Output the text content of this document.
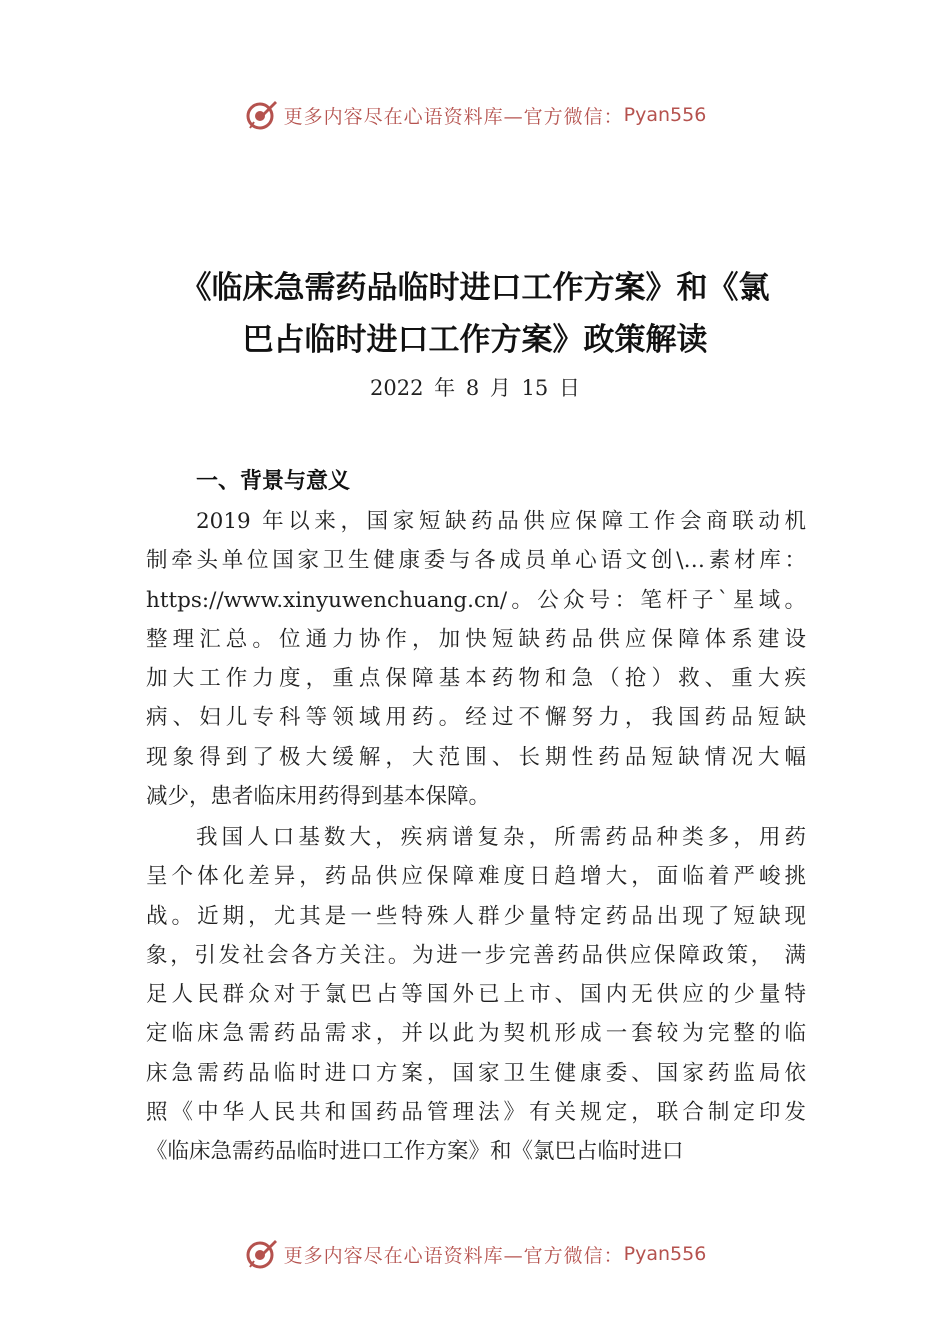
更多内容尽在心语资料库—官方微信： Pyan556
《临床急需药品临时进口工作方案》和《氯
巴占临时进口工作方案》政策解读
2022 年 8 月 15 日
一、背景与意义
2019 年以来，国家短缺药品供应保障工作会商联动机
制牵头单位国家卫生健康委与各成员单心语文创\…素材库：
https://www.xinyuwenchuang.cn/。公众号：笔杆子`星域。
整理汇总。位通力协作，加快短缺药品供应保障体系建设
加大工作力度，重点保障基本药物和急（抢）救、重大疾
病、妇儿专科等领域用药。经过不懈努力，我国药品短缺
现象得到了极大缓解，大范围、长期性药品短缺情况大幅
减少，患者临床用药得到基本保障。
我国人口基数大，疾病谱复杂，所需药品种类多，用药
呈个体化差异，药品供应保障难度日趋增大，面临着严峻挑
战。近期，尤其是一些特殊人群少量特定药品出现了短缺现
象，引发社会各方关注。为进一步完善药品供应保障政策， 满
足人民群众对于氯巴占等国外已上市、国内无供应的少量特
定临床急需药品需求，并以此为契机形成一套较为完整的临
床急需药品临时进口方案，国家卫生健康委、国家药监局依
照《中华人民共和国药品管理法》有关规定，联合制定印发
《临床急需药品临时进口工作方案》和《氯巴占临时进口
更多内容尽在心语资料库—官方微信： Pyan556
